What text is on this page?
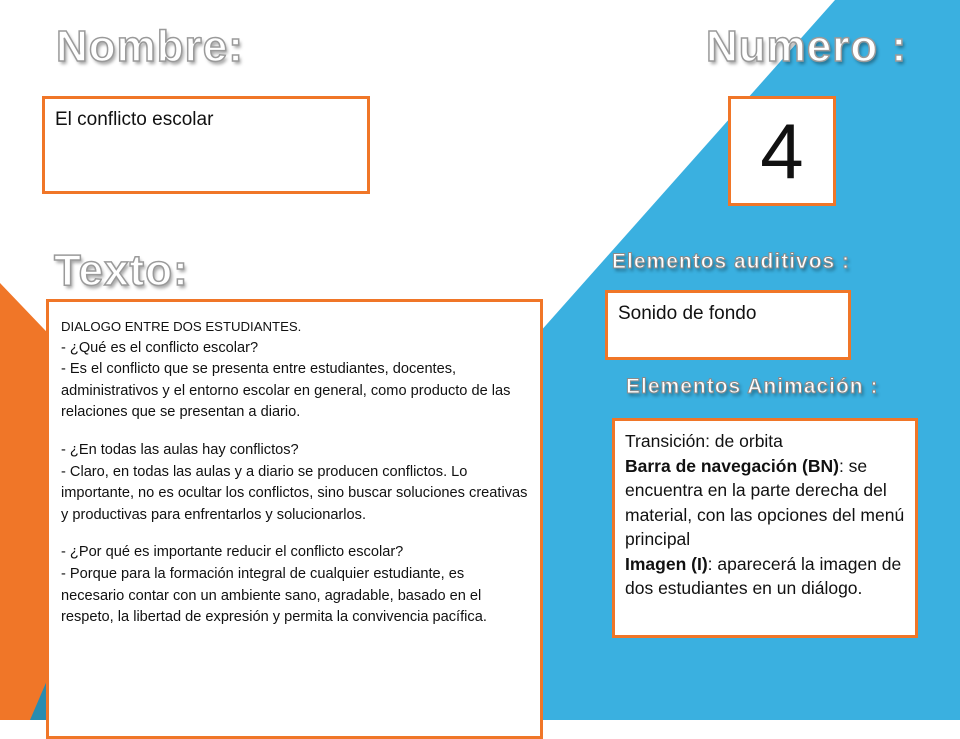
Nombre:	Numero :
Texto:	Elementos auditivos :
Elementos Animación :
El conflicto escolar	4
Sonido de fondo

Transición: de orbita

Barra de navegación (BN): se encuentra en la parte derecha del material, con las opciones del menú principal

Imagen (I): aparecerá la imagen de dos estudiantes en un diálogo.

DIALOGO ENTRE DOS ESTUDIANTES.

- ¿Qué es el conflicto escolar?

- Es el conflicto que se presenta entre estudiantes, docentes, administrativos y el entorno escolar en general, como producto de las relaciones que se presentan a diario.

- ¿En todas las aulas hay conflictos?

- Claro, en todas las aulas y a diario se producen conflictos. Lo importante, no es ocultar los conflictos, sino buscar soluciones creativas y productivas para enfrentarlos y solucionarlos.

- ¿Por qué es importante reducir el conflicto escolar?

- Porque para la formación integral de cualquier estudiante, es necesario contar con un ambiente sano, agradable, basado en el respeto, la libertad de expresión y permita la convivencia pacífica.
